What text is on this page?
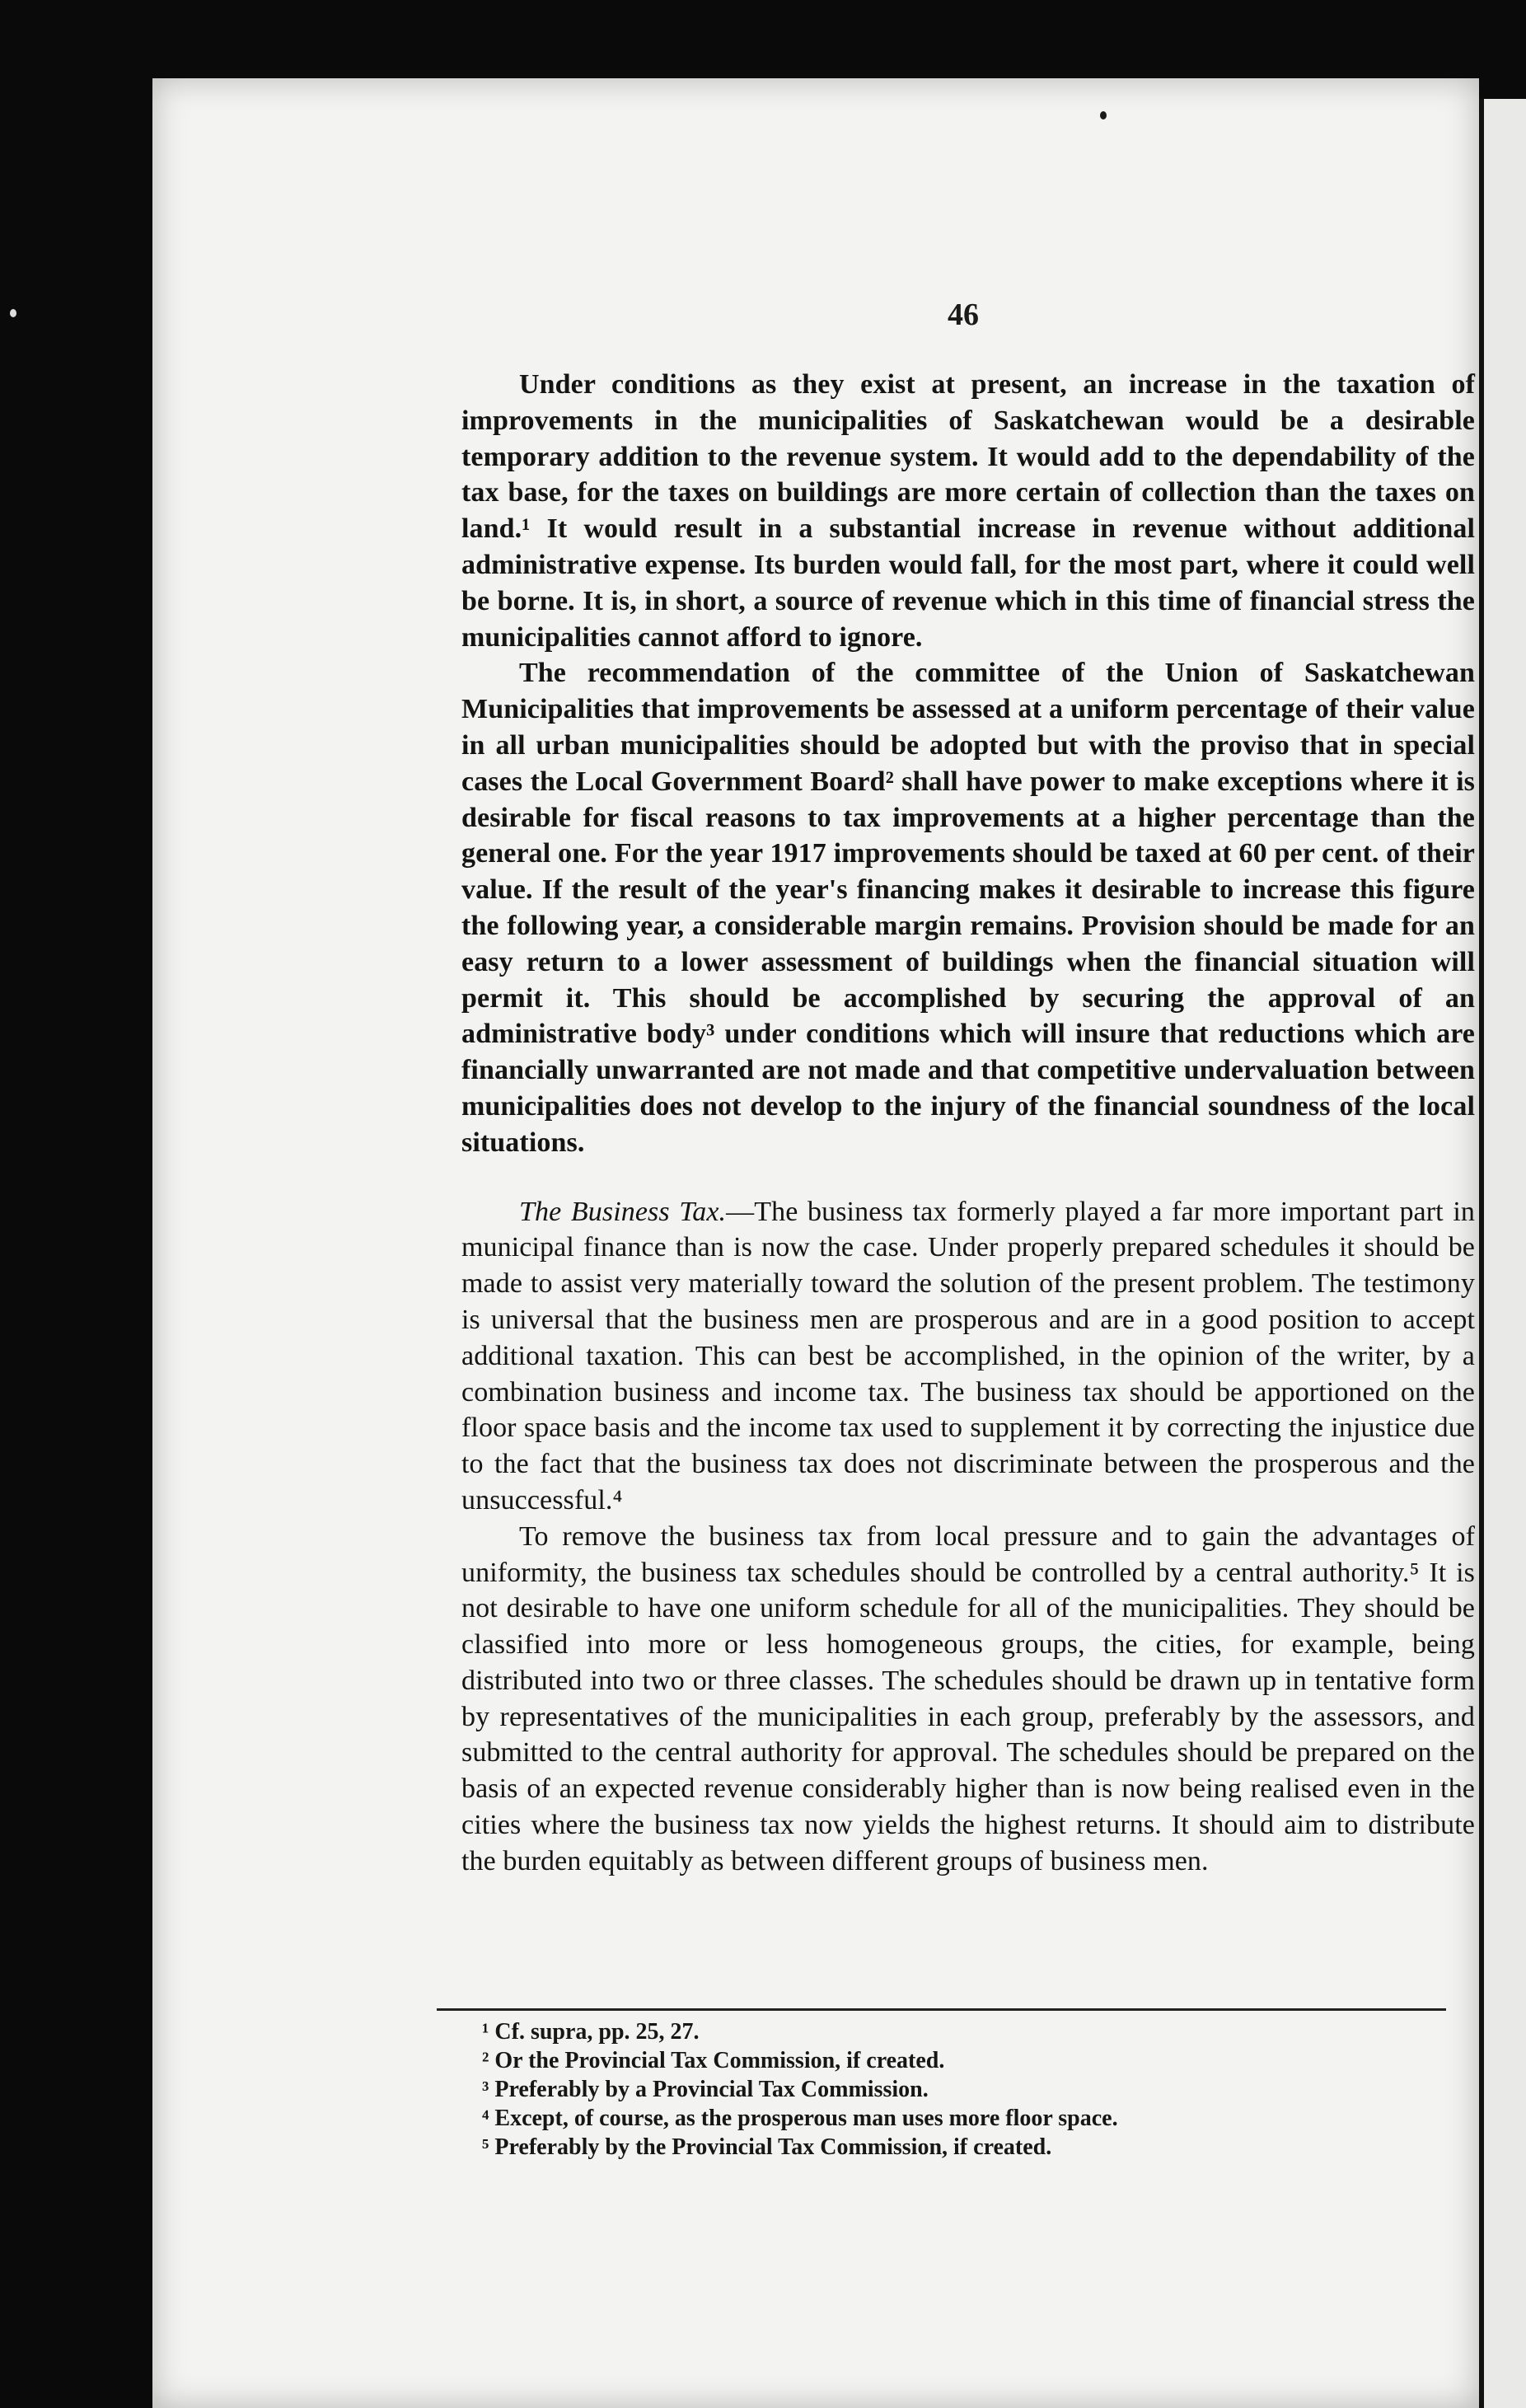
46

Under conditions as they exist at present, an increase in the taxation of improvements in the municipalities of Saskatchewan would be a desirable temporary addition to the revenue system. It would add to the dependability of the tax base, for the taxes on buildings are more certain of collection than the taxes on land.¹ It would result in a substantial increase in revenue without additional administrative expense. Its burden would fall, for the most part, where it could well be borne. It is, in short, a source of revenue which in this time of financial stress the municipalities cannot afford to ignore.

The recommendation of the committee of the Union of Saskatchewan Municipalities that improvements be assessed at a uniform percentage of their value in all urban municipalities should be adopted but with the proviso that in special cases the Local Government Board² shall have power to make exceptions where it is desirable for fiscal reasons to tax improvements at a higher percentage than the general one. For the year 1917 improvements should be taxed at 60 per cent. of their value. If the result of the year's financing makes it desirable to increase this figure the following year, a considerable margin remains. Provision should be made for an easy return to a lower assessment of buildings when the financial situation will permit it. This should be accomplished by securing the approval of an administrative body³ under conditions which will insure that reductions which are financially unwarranted are not made and that competitive undervaluation between municipalities does not develop to the injury of the financial soundness of the local situations.

The Business Tax.—The business tax formerly played a far more important part in municipal finance than is now the case. Under properly prepared schedules it should be made to assist very materially toward the solution of the present problem. The testimony is universal that the business men are prosperous and are in a good position to accept additional taxation. This can best be accomplished, in the opinion of the writer, by a combination business and income tax. The business tax should be apportioned on the floor space basis and the income tax used to supplement it by correcting the injustice due to the fact that the business tax does not discriminate between the prosperous and the unsuccessful.⁴

To remove the business tax from local pressure and to gain the advantages of uniformity, the business tax schedules should be controlled by a central authority.⁵ It is not desirable to have one uniform schedule for all of the municipalities. They should be classified into more or less homogeneous groups, the cities, for example, being distributed into two or three classes. The schedules should be drawn up in tentative form by representatives of the municipalities in each group, preferably by the assessors, and submitted to the central authority for approval. The schedules should be prepared on the basis of an expected revenue considerably higher than is now being realised even in the cities where the business tax now yields the highest returns. It should aim to distribute the burden equitably as between different groups of business men.

¹ Cf. supra, pp. 25, 27.

² Or the Provincial Tax Commission, if created.

³ Preferably by a Provincial Tax Commission.

⁴ Except, of course, as the prosperous man uses more floor space.

⁵ Preferably by the Provincial Tax Commission, if created.
